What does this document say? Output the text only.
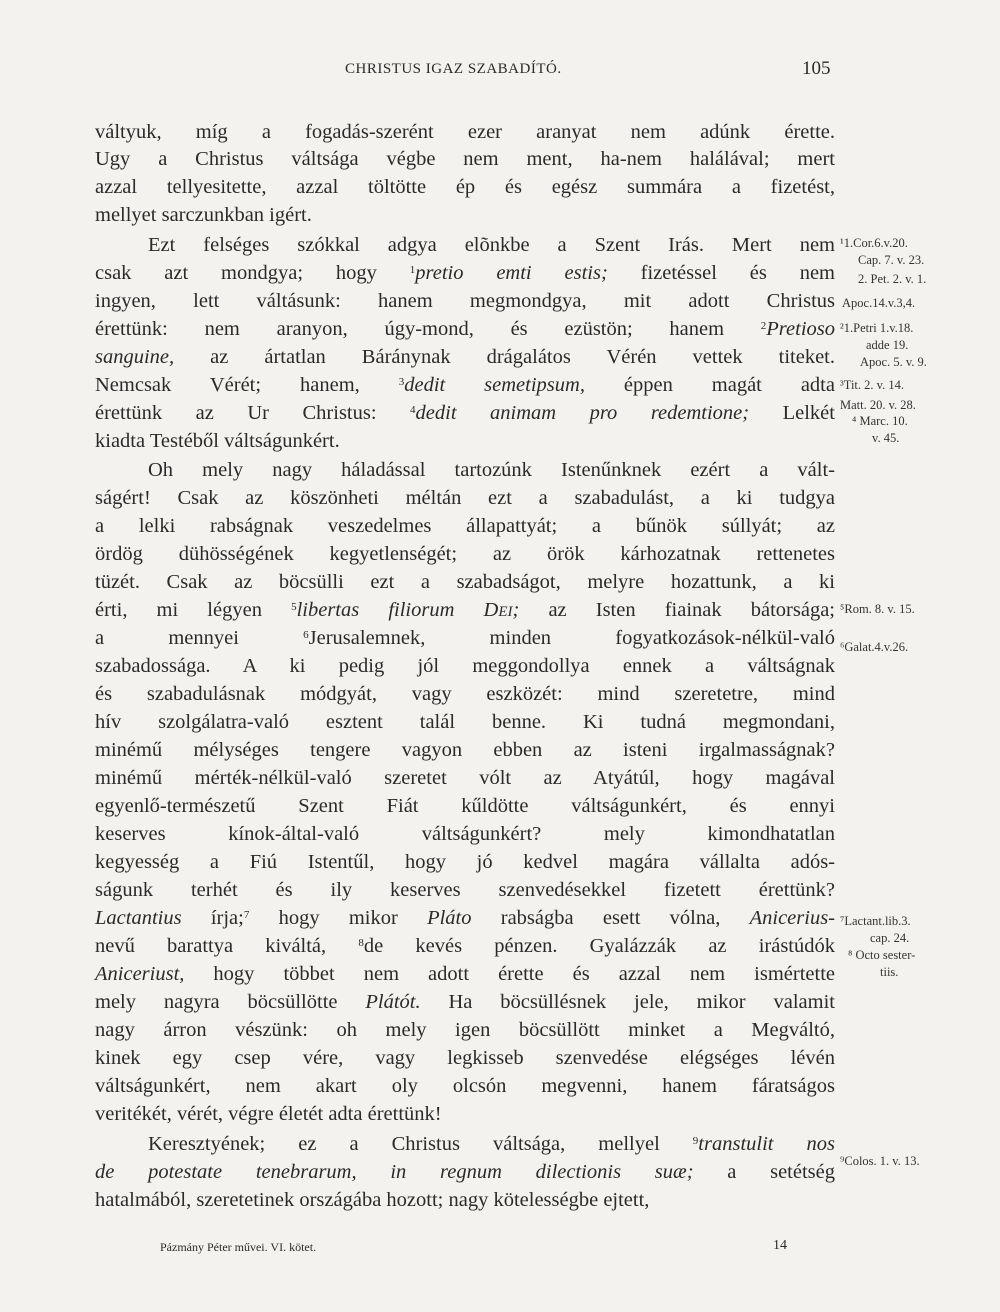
CHRISTUS IGAZ SZABADÍTÓ.	105
váltyuk, míg a fogadás-szerént ezer aranyat nem adúnk érette.
Ugy a Christus váltsága végbe nem ment, ha-nem halálával; mert
azzal tellyesitette, azzal töltötte ép és egész summára a fizetést,
mellyet sarczunkban igért.
Ezt felséges szókkal adgya elõnkbe a Szent Irás. Mert nem
csak azt mondgya; hogy $^1$pretio emti estis; fizetéssel és nem
ingyen, lett váltásunk: hanem megmondgya, mit adott Christus
érettünk: nem aranyon, úgy-mond, és ezüstön; hanem $^2$Pretioso
sanguine, az ártatlan Báránynak drágalátos Vérén vettek titeket.
Nemcsak Vérét; hanem, $^3$dedit semetipsum, éppen magát adta
érettünk az Ur Christus: $^4$dedit animam pro redemtione; Lelkét
kiadta Testéből váltságunkért.
Oh mely nagy háladással tartozúnk Istenűnknek ezért a vált-
ságért! Csak az köszönheti méltán ezt a szabadulást, a ki tudgya
a lelki rabságnak veszedelmes állapattyát; a bűnök súllyát; az
ördög dühösségének kegyetlenségét; az örök kárhozatnak rettenetes
tüzét. Csak az böcsülli ezt a szabadságot, melyre hozattunk, a ki
érti, mi légyen $^5$libertas filiorum DEI; az Isten fiainak bátorsága;
a mennyei $^6$Jerusalemnek, minden fogyatkozások-nélkül-való
szabadossága. A ki pedig jól meggondollya ennek a váltságnak
és szabadulásnak módgyát, vagy eszközét: mind szeretetre, mind
hív szolgálatra-való esztent talál benne. Ki tudná megmondani,
minémű mélységes tengere vagyon ebben az isteni irgalmasságnak?
minémű mérték-nélkül-való szeretet vólt az Atyátúl, hogy magával
egyenlő-természetű Szent Fiát kűldötte váltságunkért, és ennyi
keserves kínok-által-való váltságunkért? mely kimondhatatlan
kegyesség a Fiú Istentűl, hogy jó kedvel magára vállalta adós-
ságunk terhét és ily keserves szenvedésekkel fizetett érettünk?
Lactantius írja;$^7$ hogy mikor Pláto rabságba esett vólna, Anicerius-
nevű barattya kiváltá, $^8$de kevés pénzen. Gyalázzák az irástúdók
Aniceriust, hogy többet nem adott érette és azzal nem ismértette
mely nagyra böcsüllötte Plátót. Ha böcsüllésnek jele, mikor valamit
nagy árron vészünk: oh mely igen böcsüllött minket a Megváltó,
kinek egy csep vére, vagy legkisseb szenvedése elégséges lévén
váltságunkért, nem akart oly olcsón megvenni, hanem fáratságos
veritékét, vérét, végre életét adta érettünk!
Keresztyének; ez a Christus váltsága, mellyel $^9$transtulit nos
de potestate tenebrarum, in regnum dilectionis suæ; a setétség
hatalmából, szeretetinek országába hozott; nagy kötelességbe ejtett,
¹1.Cor.6.v.20.
Cap. 7. v. 23.
2. Pet. 2. v. 1.
Apoc.14.v.3,4.
²1.Petri 1.v.18.
adde 19.
Apoc. 5. v. 9.
³Tit. 2. v. 14.
Matt. 20. v. 28.
⁴ Marc. 10.
v. 45.
⁵Rom. 8. v. 15.
⁶Galat.4.v.26.
⁷Lactant.lib.3.
cap. 24.
⁸ Octo sester-
tiis.
⁹Colos. 1. v. 13.
Pázmány Péter művei. VI. kötet.	14
